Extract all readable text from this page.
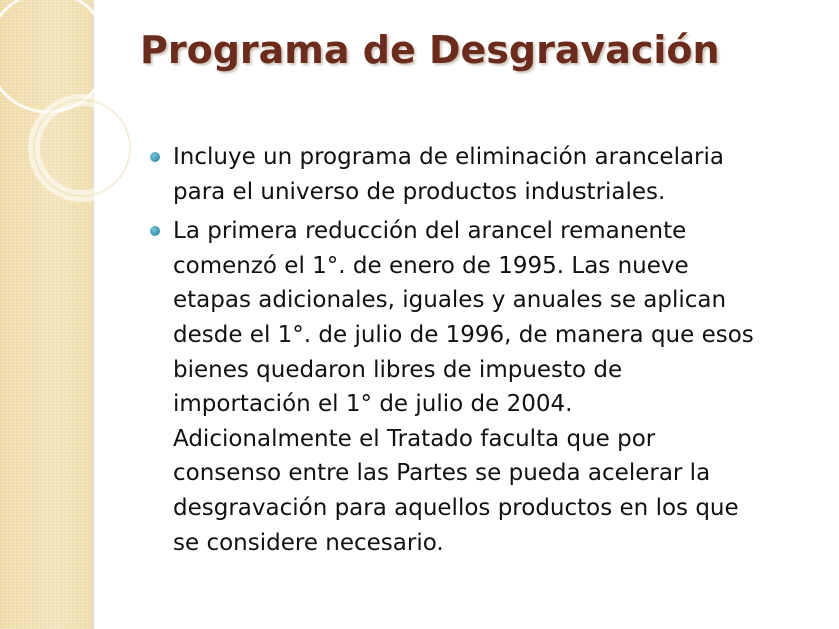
Programa de Desgravación
Incluye un programa de eliminación arancelaria
para el universo de productos industriales.
La primera reducción del arancel remanente
comenzó el 1°. de enero de 1995. Las nueve
etapas adicionales, iguales y anuales se aplican
desde el 1°. de julio de 1996, de manera que esos
bienes quedaron libres de impuesto de
importación el 1° de julio de 2004.
Adicionalmente el Tratado faculta que por
consenso entre las Partes se pueda acelerar la
desgravación para aquellos productos en los que
se considere necesario.
